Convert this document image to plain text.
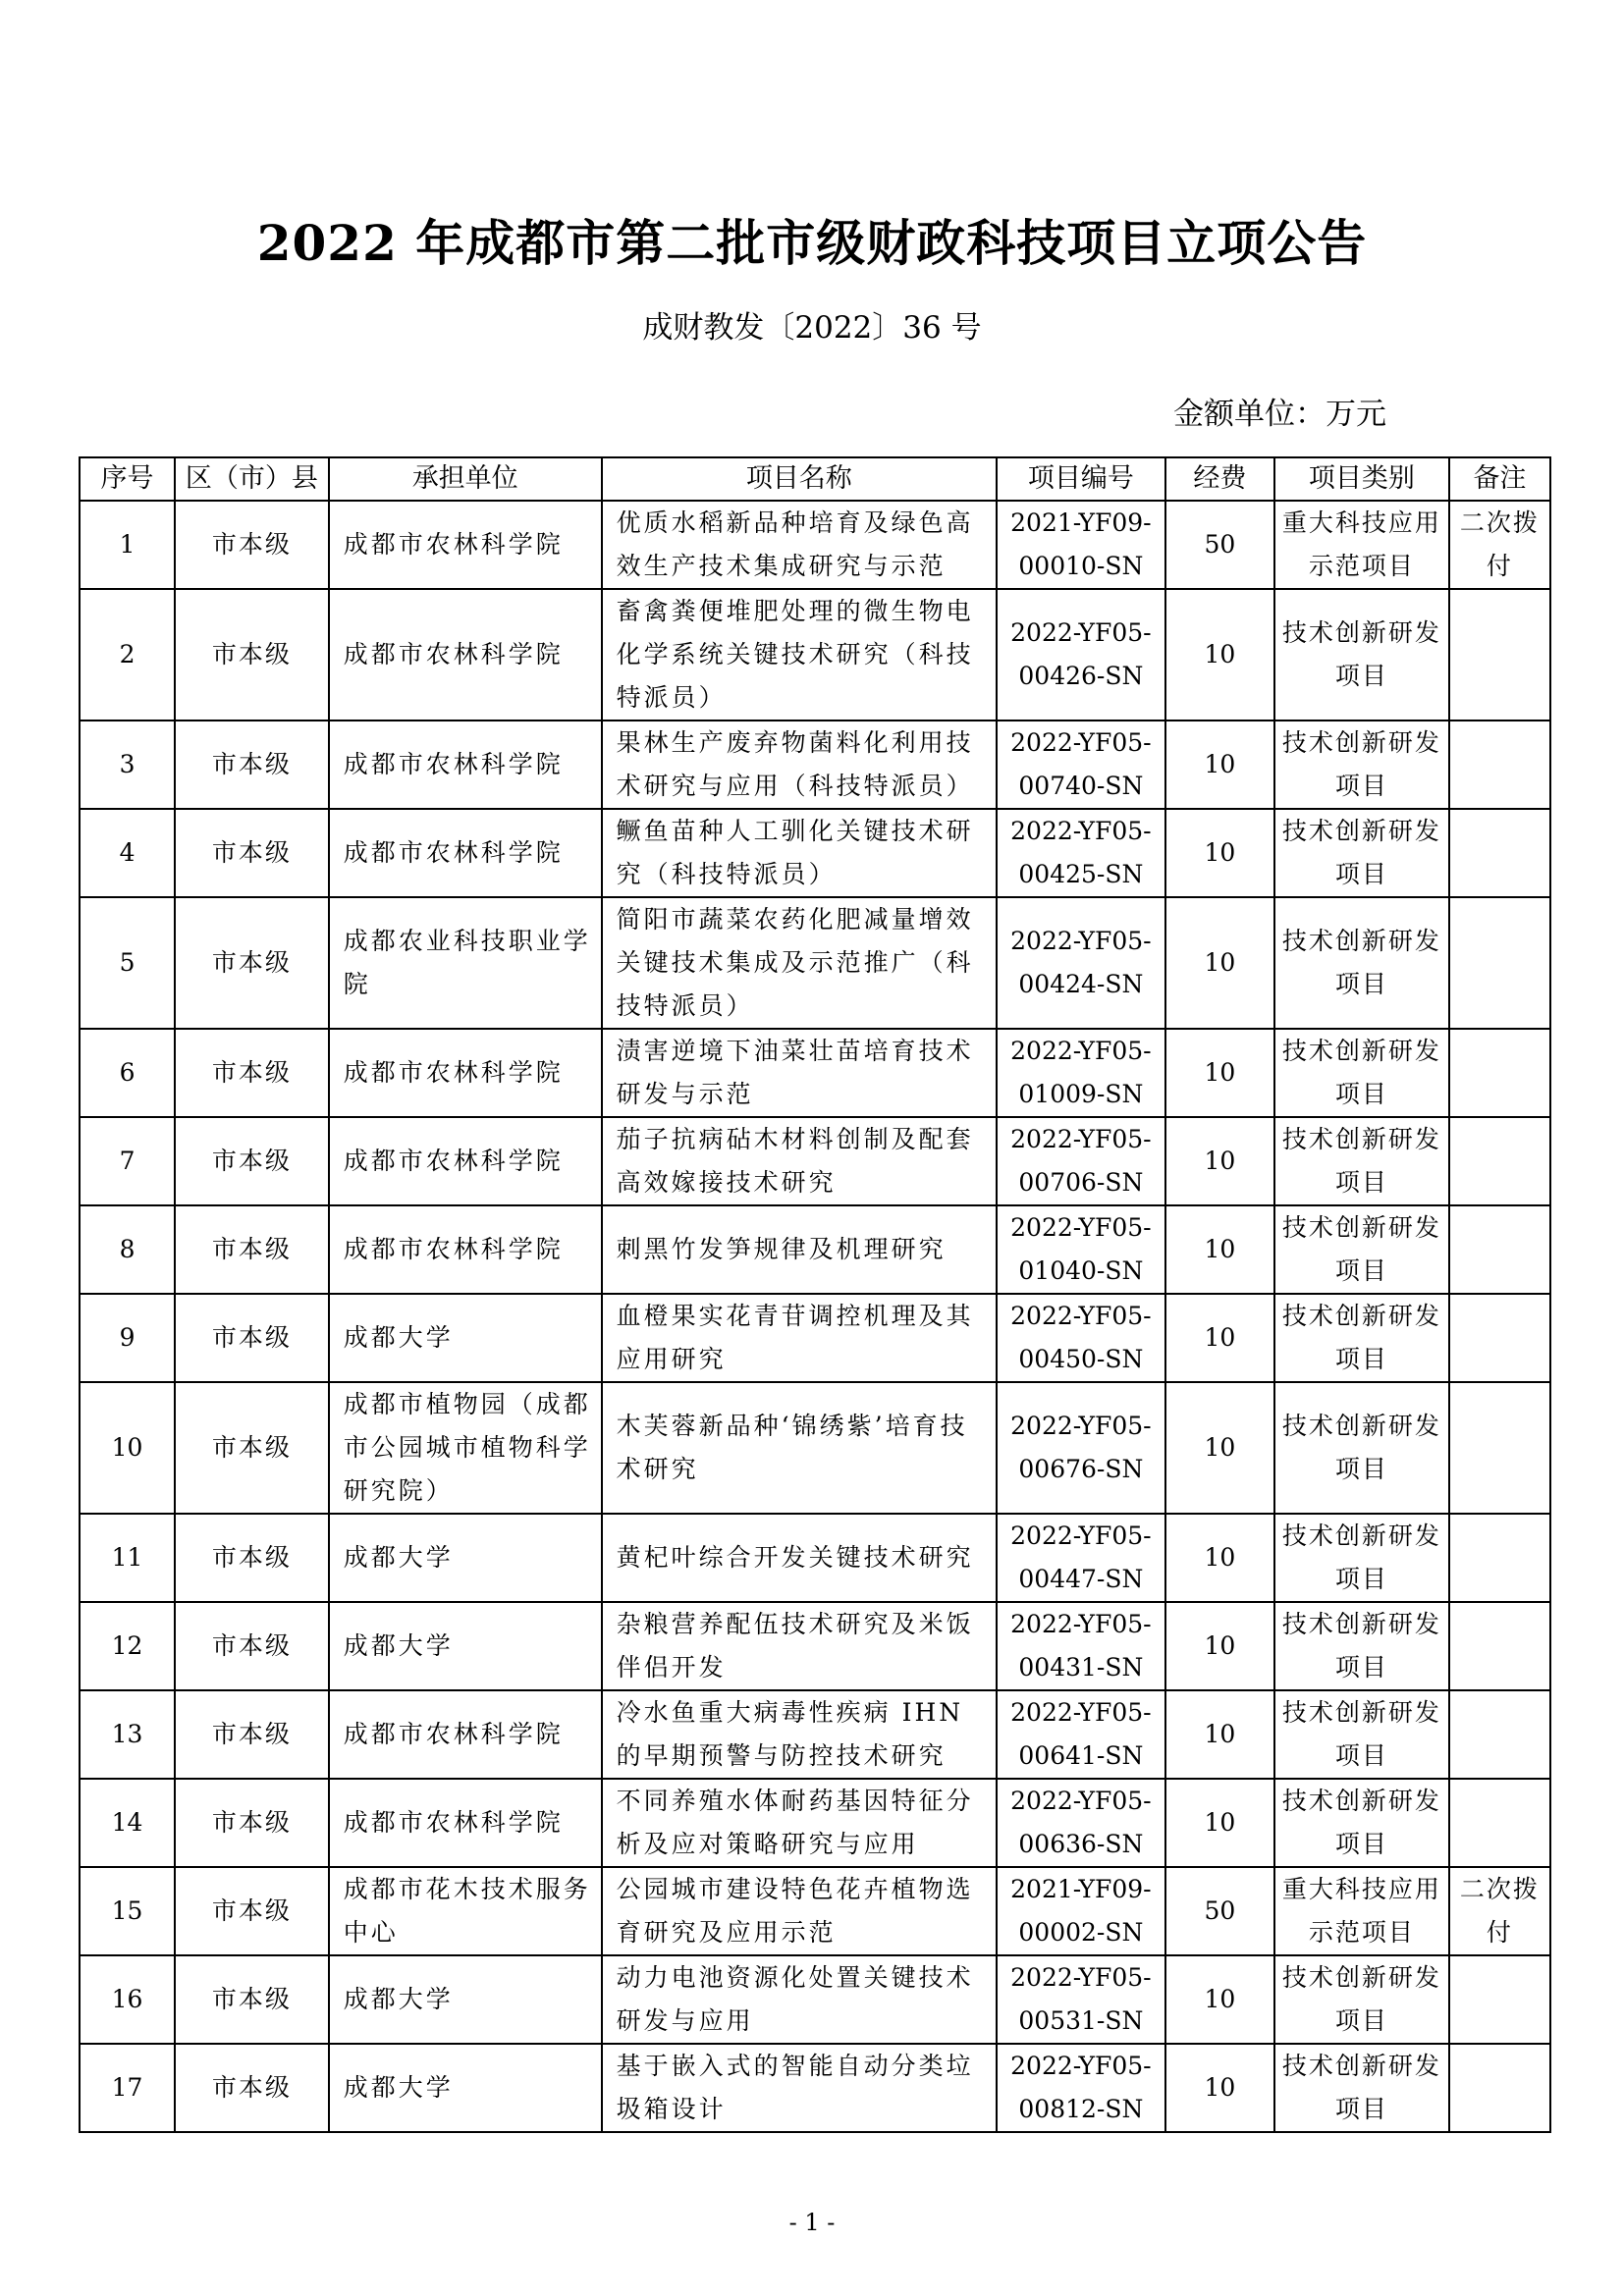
2022 年成都市第二批市级财政科技项目立项公告
成财教发〔2022〕36 号
金额单位：万元
序号	区（市）县	承担单位	项目名称	项目编号	经费	项目类别	备注
1	市本级	成都市农林科学院	优质水稻新品种培育及绿色高效生产技术集成研究与示范	2021-YF09-00010-SN	50	重大科技应用示范项目	二次拨付
2	市本级	成都市农林科学院	畜禽粪便堆肥处理的微生物电化学系统关键技术研究（科技特派员）	2022-YF05-00426-SN	10	技术创新研发项目	
3	市本级	成都市农林科学院	果林生产废弃物菌料化利用技术研究与应用（科技特派员）	2022-YF05-00740-SN	10	技术创新研发项目	
4	市本级	成都市农林科学院	鳜鱼苗种人工驯化关键技术研究（科技特派员）	2022-YF05-00425-SN	10	技术创新研发项目	
5	市本级	成都农业科技职业学院	简阳市蔬菜农药化肥减量增效关键技术集成及示范推广（科技特派员）	2022-YF05-00424-SN	10	技术创新研发项目	
6	市本级	成都市农林科学院	渍害逆境下油菜壮苗培育技术研发与示范	2022-YF05-01009-SN	10	技术创新研发项目	
7	市本级	成都市农林科学院	茄子抗病砧木材料创制及配套高效嫁接技术研究	2022-YF05-00706-SN	10	技术创新研发项目	
8	市本级	成都市农林科学院	刺黑竹发笋规律及机理研究	2022-YF05-01040-SN	10	技术创新研发项目	
9	市本级	成都大学	血橙果实花青苷调控机理及其应用研究	2022-YF05-00450-SN	10	技术创新研发项目	
10	市本级	成都市植物园（成都市公园城市植物科学研究院）	木芙蓉新品种‘锦绣紫’培育技术研究	2022-YF05-00676-SN	10	技术创新研发项目	
11	市本级	成都大学	黄杞叶综合开发关键技术研究	2022-YF05-00447-SN	10	技术创新研发项目	
12	市本级	成都大学	杂粮营养配伍技术研究及米饭伴侣开发	2022-YF05-00431-SN	10	技术创新研发项目	
13	市本级	成都市农林科学院	冷水鱼重大病毒性疾病 IHN 的早期预警与防控技术研究	2022-YF05-00641-SN	10	技术创新研发项目	
14	市本级	成都市农林科学院	不同养殖水体耐药基因特征分析及应对策略研究与应用	2022-YF05-00636-SN	10	技术创新研发项目	
15	市本级	成都市花木技术服务中心	公园城市建设特色花卉植物选育研究及应用示范	2021-YF09-00002-SN	50	重大科技应用示范项目	二次拨付
16	市本级	成都大学	动力电池资源化处置关键技术研发与应用	2022-YF05-00531-SN	10	技术创新研发项目	
17	市本级	成都大学	基于嵌入式的智能自动分类垃圾箱设计	2022-YF05-00812-SN	10	技术创新研发项目	
- 1 -
